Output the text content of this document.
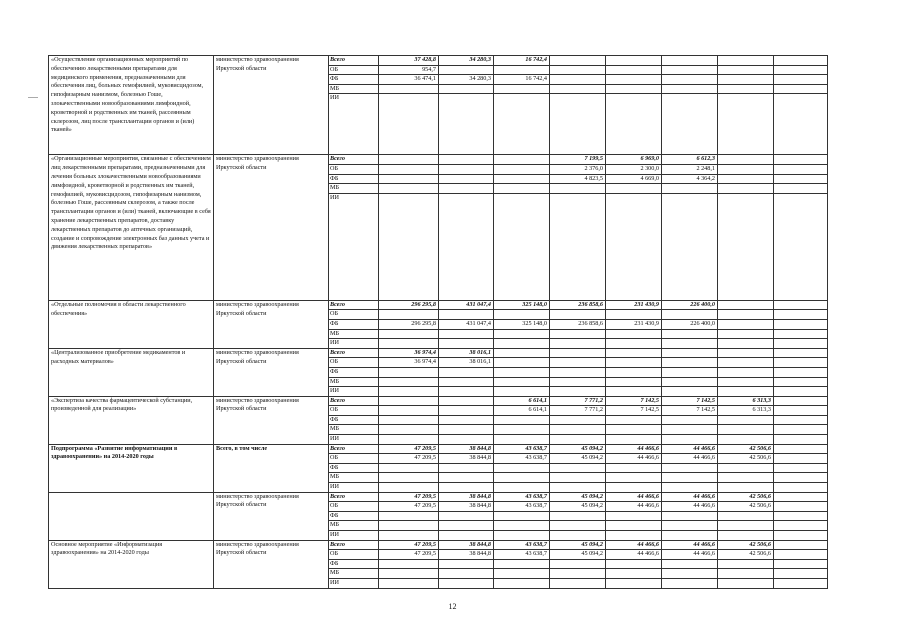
«Осуществление организационных мероприятий по обеспечению лекарственными препаратами для медицинского применения, предназначенными для обеспечения лиц, больных гемофилией, муковисцидозом, гипофизарным нанизмом, болезнью Гоше, злокачественными новообразованиями лимфоидной, кроветворной и родственных им тканей, рассеянным склерозом, лиц после трансплантации органов и (или) тканей»	министерство здравоохранения Иркутской области	Всего	37 428,8	34 280,3	16 742,4					
		ОБ	954,7							
		ФБ	36 474,1	34 280,3	16 742,4					
		МБ								
		ИИ								
«Организационные мероприятия, связанные с обеспечением лиц лекарственными препаратами, предназначенными для лечения больных злокачественными новообразованиями лимфоидной, кроветворной и родственных им тканей, гемофилией, муковисцидозом, гипофизарным нанизмом, болезнью Гоше, рассеянным склерозом, а также после трансплантации органов и (или) тканей, включающие в себя хранение лекарственных препаратов, доставку лекарственных препаратов до аптечных организаций, создание и сопровождение электронных баз данных учета и движения лекарственных препаратов»	министерство здравоохранения Иркутской области	Всего				7 199,5	6 969,0	6 612,3		
		ОБ				2 376,0	2 300,0	2 248,1		
		ФБ				4 823,5	4 669,0	4 364,2		
		МБ								
		ИИ								
«Отдельные полномочия в области лекарственного обеспечения»	министерство здравоохранения Иркутской области	Всего	296 295,8	431 047,4	325 148,0	236 858,6	231 430,9	226 400,0		
		ОБ								
		ФБ	296 295,8	431 047,4	325 148,0	236 858,6	231 430,9	226 400,0		
		МБ								
		ИИ								
«Централизованное приобретение медикаментов и расходных материалов»	министерство здравоохранения Иркутской области	Всего	36 974,4	38 016,1						
		ОБ	36 974,4	38 016,1						
		ФБ								
		МБ								
		ИИ								
«Экспертиза качества фармацевтической субстанции, произведенной для реализации»	министерство здравоохранения Иркутской области	Всего			6 614,1	7 771,2	7 142,5	7 142,5	6 313,3	
		ОБ			6 614,1	7 771,2	7 142,5	7 142,5	6 313,3	
		ФБ								
		МБ								
		ИИ								
Подпрограмма «Развитие информатизации в здравоохранении» на 2014-2020 годы	Всего, в том числе	Всего	47 209,5	38 844,8	43 638,7	45 094,2	44 466,6	44 466,6	42 506,6	
		ОБ	47 209,5	38 844,8	43 638,7	45 094,2	44 466,6	44 466,6	42 506,6	
		ФБ								
		МБ								
		ИИ								
	министерство здравоохранения Иркутской области	Всего	47 209,5	38 844,8	43 638,7	45 094,2	44 466,6	44 466,6	42 506,6	
		ОБ	47 209,5	38 844,8	43 638,7	45 094,2	44 466,6	44 466,6	42 506,6	
		ФБ								
		МБ								
		ИИ								
Основное мероприятие «Информатизация здравоохранения» на 2014-2020 годы	министерство здравоохранения Иркутской области	Всего	47 209,5	38 844,8	43 638,7	45 094,2	44 466,6	44 466,6	42 506,6	
		ОБ	47 209,5	38 844,8	43 638,7	45 094,2	44 466,6	44 466,6	42 506,6	
		ФБ								
		МБ								
		ИИ								
12
